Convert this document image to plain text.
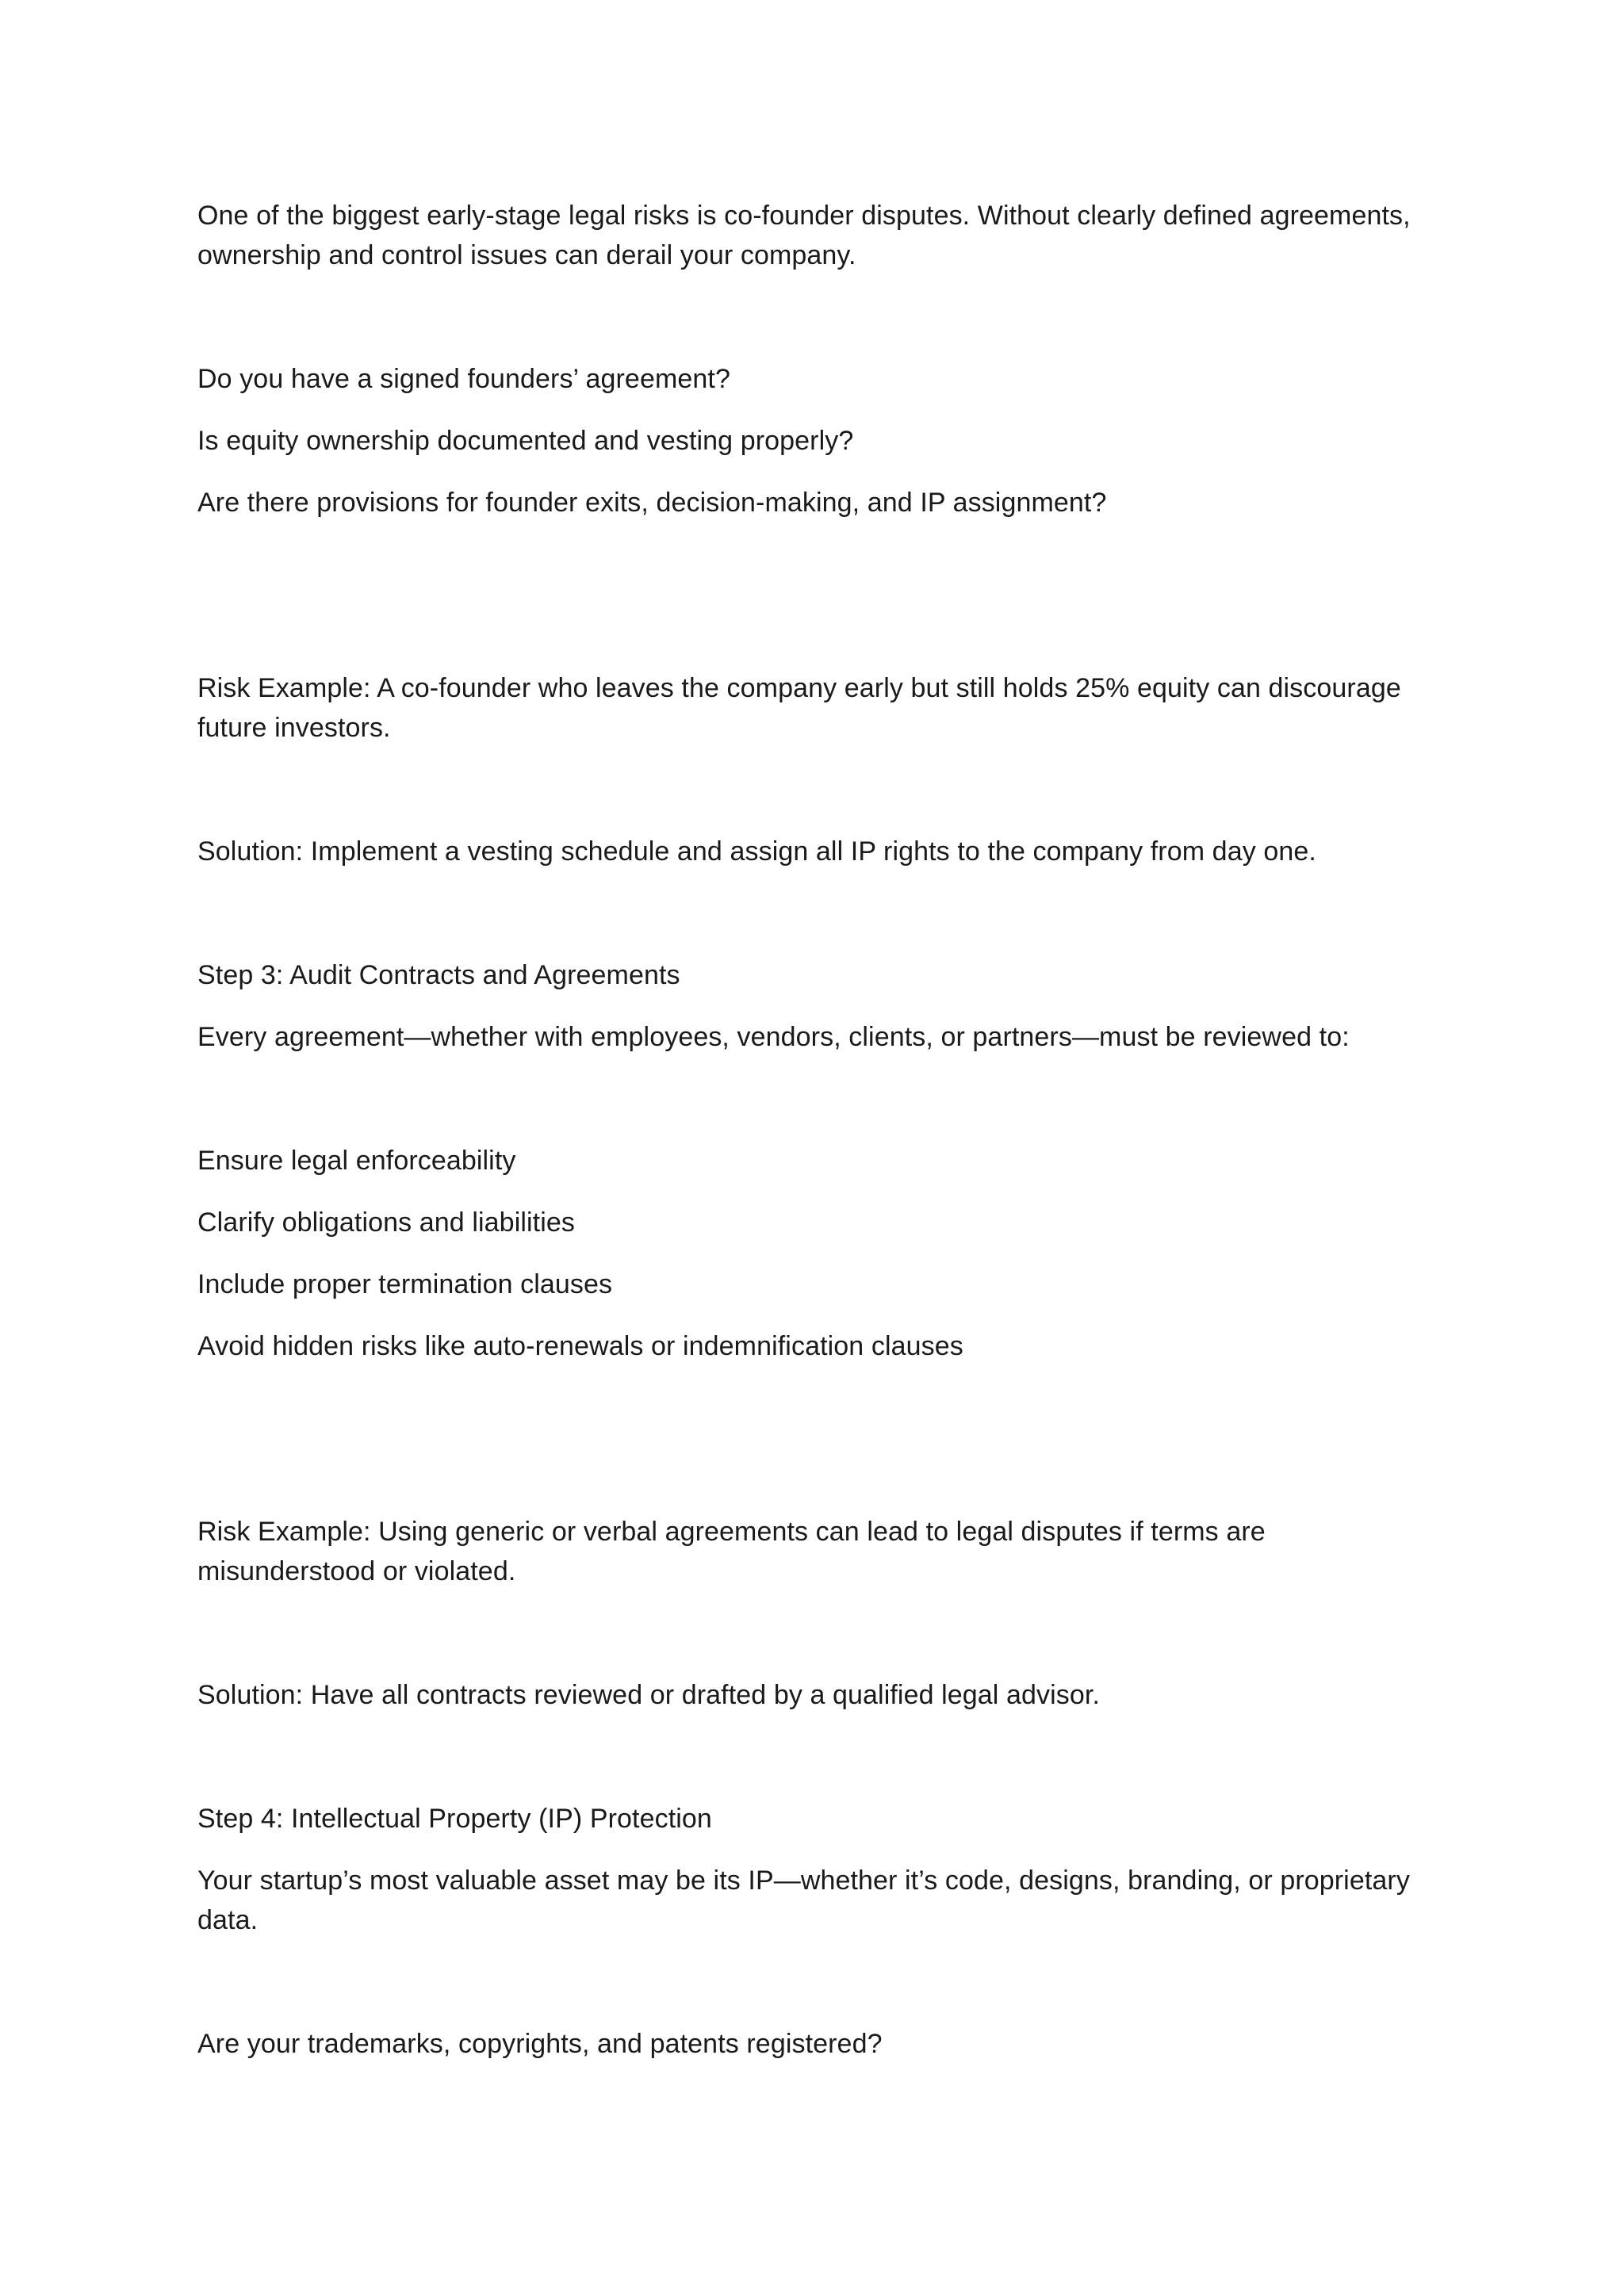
One of the biggest early-stage legal risks is co-founder disputes. Without clearly defined agreements, ownership and control issues can derail your company.

Do you have a signed founders’ agreement?

Is equity ownership documented and vesting properly?

Are there provisions for founder exits, decision-making, and IP assignment?

Risk Example: A co-founder who leaves the company early but still holds 25% equity can discourage future investors.

Solution: Implement a vesting schedule and assign all IP rights to the company from day one.

Step 3: Audit Contracts and Agreements

Every agreement—whether with employees, vendors, clients, or partners—must be reviewed to:

Ensure legal enforceability

Clarify obligations and liabilities

Include proper termination clauses

Avoid hidden risks like auto-renewals or indemnification clauses

Risk Example: Using generic or verbal agreements can lead to legal disputes if terms are misunderstood or violated.

Solution: Have all contracts reviewed or drafted by a qualified legal advisor.

Step 4: Intellectual Property (IP) Protection

Your startup’s most valuable asset may be its IP—whether it’s code, designs, branding, or proprietary data.

Are your trademarks, copyrights, and patents registered?
